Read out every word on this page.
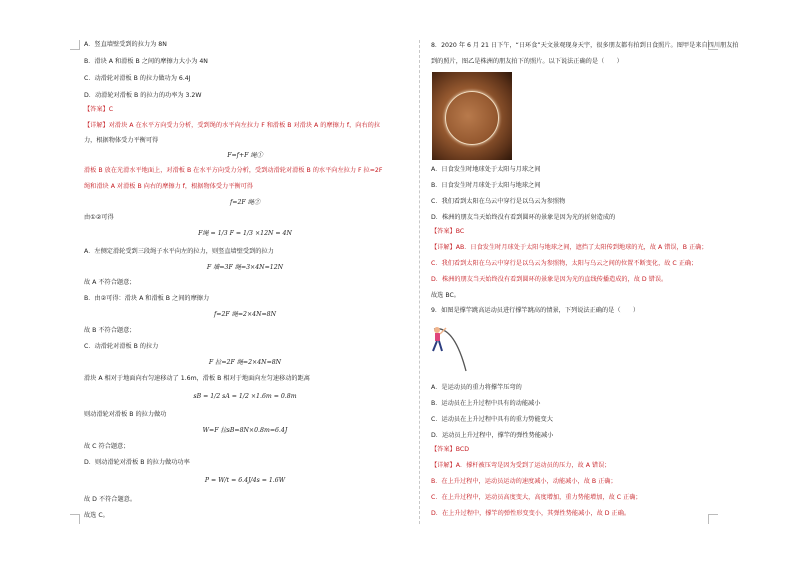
A．竖直墙壁受到的拉力为 8N
B．滑块 A 和滑板 B 之间的摩擦力大小为 4N
C．动滑轮对滑板 B 的拉力做功为 6.4J
D．动滑轮对滑板 B 的拉力的功率为 3.2W
【答案】C
【详解】对滑块 A 在水平方向受力分析，受到绳的水平向左拉力 F 和滑板 B 对滑块 A 的摩擦力 f，向右的拉
力，根据物体受力平衡可得
F=f+F 绳①
滑板 B 放在光滑水平地面上，对滑板 B 在水平方向受力分析，受到动滑轮对滑板 B 的水平向左拉力 F 拉=2F
绳和滑块 A 对滑板 B 向右的摩擦力 f，根据物体受力平衡可得
f=2F 绳②
由①②可得
F绳 = 1/3 F = 1/3 ×12N = 4N
A．左侧定滑轮受到三段绳子水平向左的拉力，则竖直墙壁受到的拉力
F 墙=3F 绳=3×4N=12N
故 A 不符合题意；
B．由②可得：滑块 A 和滑板 B 之间的摩擦力
f=2F 绳=2×4N=8N
故 B 不符合题意；
C．动滑轮对滑板 B 的拉力
F 拉=2F 绳=2×4N=8N
滑块 A 相对于地面向右匀速移动了 1.6m，滑板 B 相对于地面向左匀速移动的距离
sB = 1/2 sA = 1/2 ×1.6m = 0.8m
则动滑轮对滑板 B 的拉力做功
W=F 拉sB=8N×0.8m=6.4J
故 C 符合题意；
D．则动滑轮对滑板 B 的拉力做功功率
P = W/t = 6.4J/4s = 1.6W
故 D 不符合题意。
故选 C。
8．2020 年 6 月 21 日下午，“日环食”天文景观现身天宇，很多朋友都有拍到日食照片。图甲是来自四川朋友拍
到的照片，图乙是株洲的朋友拍下的照片。以下说法正确的是（　　）
A．日食发生时地球处于太阳与月球之间
B．日食发生时月球处于太阳与地球之间
C．我们看到太阳在乌云中穿行是以乌云为参照物
D．株洲的朋友当天始终没有看到圆环的景象是因为光的折射造成的
【答案】BC
【详解】AB．日食发生时月球处于太阳与地球之间，遮挡了太阳传到地球的光，故 A 错误，B 正确；
C．我们看到太阳在乌云中穿行是以乌云为参照物，太阳与乌云之间的位置不断变化，故 C 正确；
D．株洲的朋友当天始终没有看到圆环的景象是因为光的直线传播造成的，故 D 错误。
故选 BC。
9．如图是撑竿跳高运动员进行撑竿跳高的情景，下列说法正确的是（　　）
A．是运动员的重力将撑竿压弯的
B．运动员在上升过程中具有的动能减小
C．运动员在上升过程中具有的重力势能变大
D．运动员上升过程中，撑竿的弹性势能减小
【答案】BCD
【详解】A．撑杆被压弯是因为受到了运动员的压力，故 A 错误；
B．在上升过程中，运动员运动的速度减小，动能减小，故 B 正确；
C．在上升过程中，运动员高度变大，高度增加，重力势能增加，故 C 正确；
D．在上升过程中，撑竿的弹性形变变小，其弹性势能减小，故 D 正确。
